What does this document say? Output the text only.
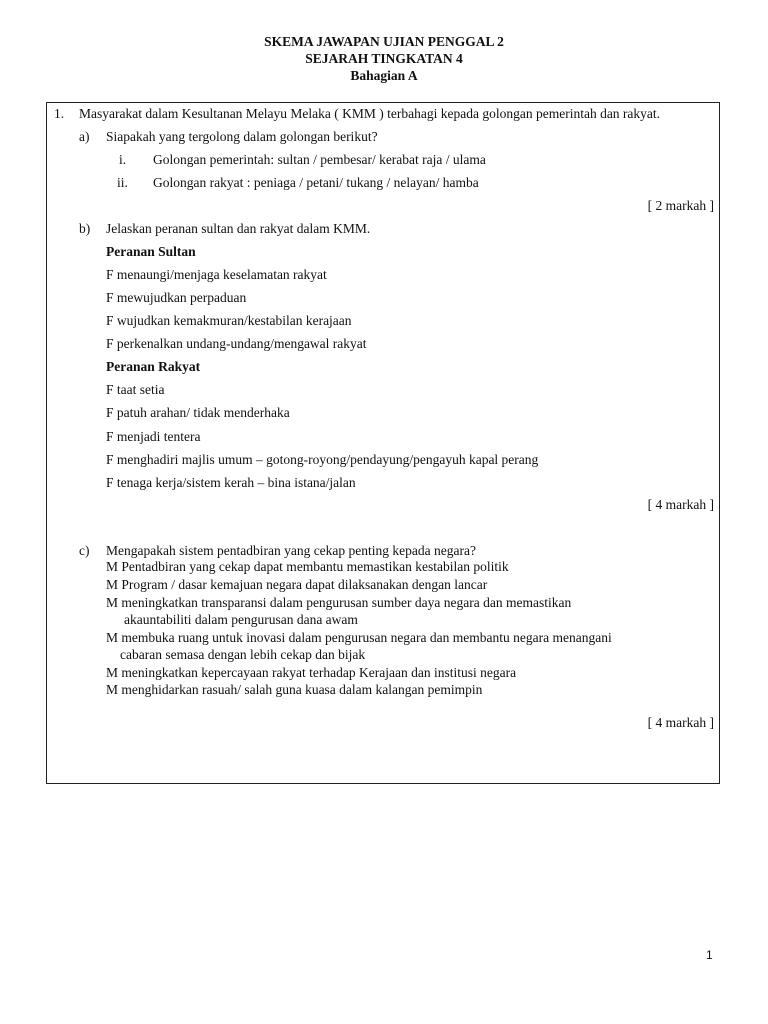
SKEMA JAWAPAN UJIAN PENGGAL 2
SEJARAH TINGKATAN 4
Bahagian A
1. Masyarakat dalam Kesultanan Melayu Melaka ( KMM ) terbahagi kepada golongan pemerintah dan rakyat.
a) Siapakah yang tergolong dalam golongan berikut?
i. Golongan pemerintah: sultan / pembesar/ kerabat raja / ulama
ii. Golongan rakyat : peniaga / petani/ tukang / nelayan/ hamba
[ 2 markah ]
b) Jelaskan peranan sultan dan rakyat dalam KMM.
Peranan Sultan
F menaungi/menjaga keselamatan rakyat
F mewujudkan perpaduan
F wujudkan kemakmuran/kestabilan kerajaan
F perkenalkan undang-undang/mengawal rakyat
Peranan Rakyat
F taat setia
F patuh arahan/ tidak menderhaka
F menjadi tentera
F menghadiri majlis umum – gotong-royong/pendayung/pengayuh kapal perang
F tenaga kerja/sistem kerah – bina istana/jalan
[ 4 markah ]
c) Mengapakah sistem pentadbiran yang cekap penting kepada negara?
M Pentadbiran yang cekap dapat membantu memastikan kestabilan politik
M Program / dasar kemajuan negara dapat dilaksanakan dengan lancar
M meningkatkan transparansi dalam pengurusan sumber daya negara dan memastikan
akauntabiliti dalam pengurusan dana awam
M membuka ruang untuk inovasi dalam pengurusan negara dan membantu negara menangani
cabaran semasa dengan lebih cekap dan bijak
M meningkatkan kepercayaan rakyat terhadap Kerajaan dan institusi negara
M menghidarkan rasuah/ salah guna kuasa dalam kalangan pemimpin
[ 4 markah ]
1
